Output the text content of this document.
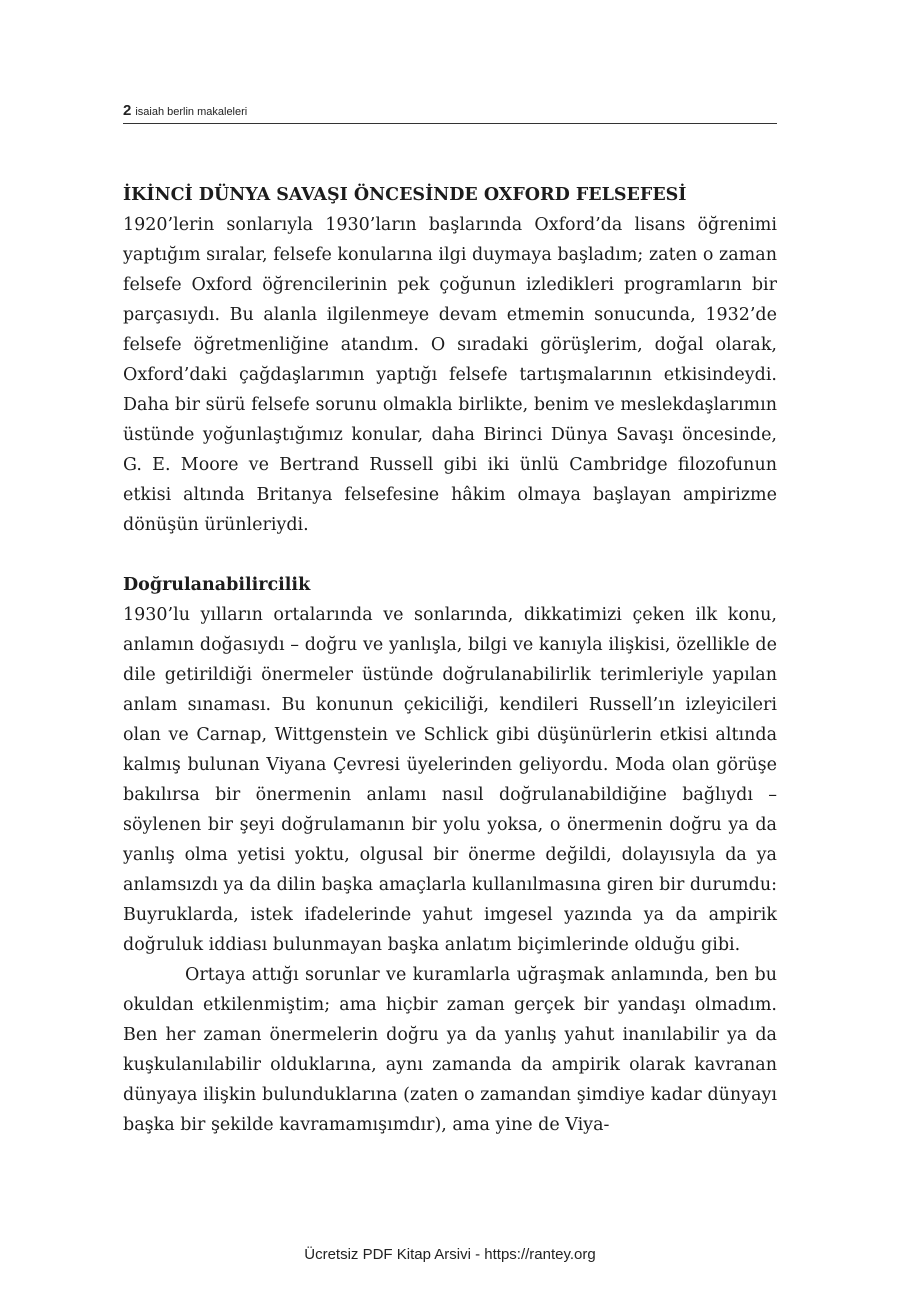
2 isaiah berlin makaleleri

İKİNCİ DÜNYA SAVAŞI ÖNCESİNDE OXFORD FELSEFESİ

1920’lerin sonlarıyla 1930’ların başlarında Oxford’da lisans öğrenimi yaptığım sıralar, felsefe konularına ilgi duymaya başladım; zaten o zaman felsefe Oxford öğrencilerinin pek çoğunun izledikleri programların bir parçasıydı. Bu alanla ilgilenmeye devam etmemin sonucunda, 1932’de felsefe öğretmenliğine atandım. O sıradaki görüşlerim, doğal olarak, Oxford’daki çağdaşlarımın yaptığı felsefe tartışmalarının etkisindeydi. Daha bir sürü felsefe sorunu olmakla birlikte, benim ve meslekdaşlarımın üstünde yoğunlaştığımız konular, daha Birinci Dünya Savaşı öncesinde, G. E. Moore ve Bertrand Russell gibi iki ünlü Cambridge filozofunun etkisi altında Britanya felsefesine hâkim olmaya başlayan ampirizme dönüşün ürünleriydi.

Doğrulanabilircilik

1930’lu yılların ortalarında ve sonlarında, dikkatimizi çeken ilk konu, anlamın doğasıydı – doğru ve yanlışla, bilgi ve kanıyla ilişkisi, özellikle de dile getirildiği önermeler üstünde doğrulanabilirlik terimleriyle yapılan anlam sınaması. Bu konunun çekiciliği, kendileri Russell’ın izleyicileri olan ve Carnap, Wittgenstein ve Schlick gibi düşünürlerin etkisi altında kalmış bulunan Viyana Çevresi üyelerinden geliyordu. Moda olan görüşe bakılırsa bir önermenin anlamı nasıl doğrulanabildiğine bağlıydı – söylenen bir şeyi doğrulamanın bir yolu yoksa, o önermenin doğru ya da yanlış olma yetisi yoktu, olgusal bir önerme değildi, dolayısıyla da ya anlamsızdı ya da dilin başka amaçlarla kullanılmasına giren bir durumdu: Buyruklarda, istek ifadelerinde yahut imgesel yazında ya da ampirik doğruluk iddiası bulunmayan başka anlatım biçimlerinde olduğu gibi.

Ortaya attığı sorunlar ve kuramlarla uğraşmak anlamında, ben bu okuldan etkilenmiştim; ama hiçbir zaman gerçek bir yandaşı olmadım. Ben her zaman önermelerin doğru ya da yanlış yahut inanılabilir ya da kuşkulanılabilir olduklarına, aynı zamanda da ampirik olarak kavranan dünyaya ilişkin bulunduklarına (zaten o zamandan şimdiye kadar dünyayı başka bir şekilde kavramamışımdır), ama yine de Viya-

Ücretsiz PDF Kitap Arsivi - https://rantey.org
